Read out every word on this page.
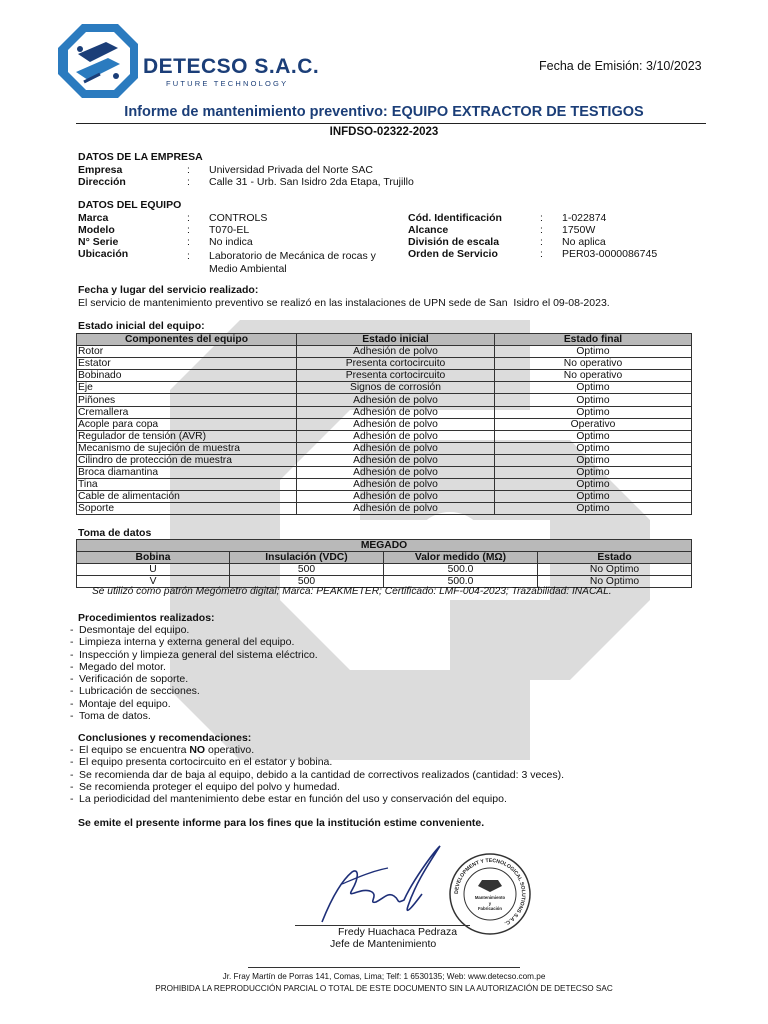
DETECSO S.A.C.
FUTURE TECHNOLOGY
Fecha de Emisión: 3/10/2023
Informe de mantenimiento preventivo: EQUIPO EXTRACTOR DE TESTIGOS
INFDSO-02322-2023
DATOS DE LA EMPRESA
Empresa	: Universidad Privada del Norte SAC
Dirección	: Calle 31 - Urb. San Isidro 2da Etapa, Trujillo
DATOS DEL EQUIPO
Marca	: CONTROLS
Modelo	: T070-EL
N° Serie	: No indica
Ubicación	: Laboratorio de Mecánica de rocas y
Medio Ambiental
Cód. Identificación	: 1-022874
Alcance	: 1750W
División de escala	: No aplica
Orden de Servicio	: PER03-0000086745
Fecha y lugar del servicio realizado:
El servicio de mantenimiento preventivo se realizó en las instalaciones de UPN sede de San  Isidro el 09-08-2023.
Estado inicial del equipo:
Componentes del equipo	Estado inicial	Estado final
Rotor	Adhesión de polvo	Optimo
Estator	Presenta cortocircuito	No operativo
Bobinado	Presenta cortocircuito	No operativo
Eje	Signos de corrosión	Optimo
Piñones	Adhesión de polvo	Optimo
Cremallera	Adhesión de polvo	Optimo
Acople para copa	Adhesión de polvo	Operativo
Regulador de tensión (AVR)	Adhesión de polvo	Optimo
Mecanismo de sujeción de muestra	Adhesión de polvo	Optimo
Cilindro de protección de muestra	Adhesión de polvo	Optimo
Broca diamantina	Adhesión de polvo	Optimo
Tina	Adhesión de polvo	Optimo
Cable de alimentación	Adhesión de polvo	Optimo
Soporte	Adhesión de polvo	Optimo
Toma de datos
MEGADO			
Bobina	Insulación (VDC)	Valor medido (MΩ)	Estado
U	500	500.0	No Optimo
V	500	500.0	No Optimo
Se utilizó como patrón Megómetro digital; Marca: PEAKMETER; Certificado: LMF-004-2023; Trazabilidad: INACAL.
Procedimientos realizados:
- Desmontaje del equipo.
- Limpieza interna y externa general del equipo.
- Inspección y limpieza general del sistema eléctrico.
- Megado del motor.
- Verificación de soporte.
- Lubricación de secciones.
- Montaje del equipo.
- Toma de datos.
Conclusiones y recomendaciones:
- El equipo se encuentra NO operativo.
- El equipo presenta cortocircuito en el estator y bobina.
- Se recomienda dar de baja al equipo, debido a la cantidad de correctivos realizados (cantidad: 3 veces).
- Se recomienda proteger el equipo del polvo y humedad.
- La periodicidad del mantenimiento debe estar en función del uso y conservación del equipo.
Se emite el presente informe para los fines que la institución estime conveniente.
DEVELOPMENT Y TECNOLOGICAL SOLUTIONS S.A.C.
Mantenimiento
y
Fabricación
Fredy Huachaca Pedraza
Jefe de Mantenimiento
Jr. Fray Martín de Porras 141, Comas, Lima; Telf: 1 6530135; Web: www.detecso.com.pe
PROHIBIDA LA REPRODUCCIÓN PARCIAL O TOTAL DE ESTE DOCUMENTO SIN LA AUTORIZACIÓN DE DETECSO SAC
